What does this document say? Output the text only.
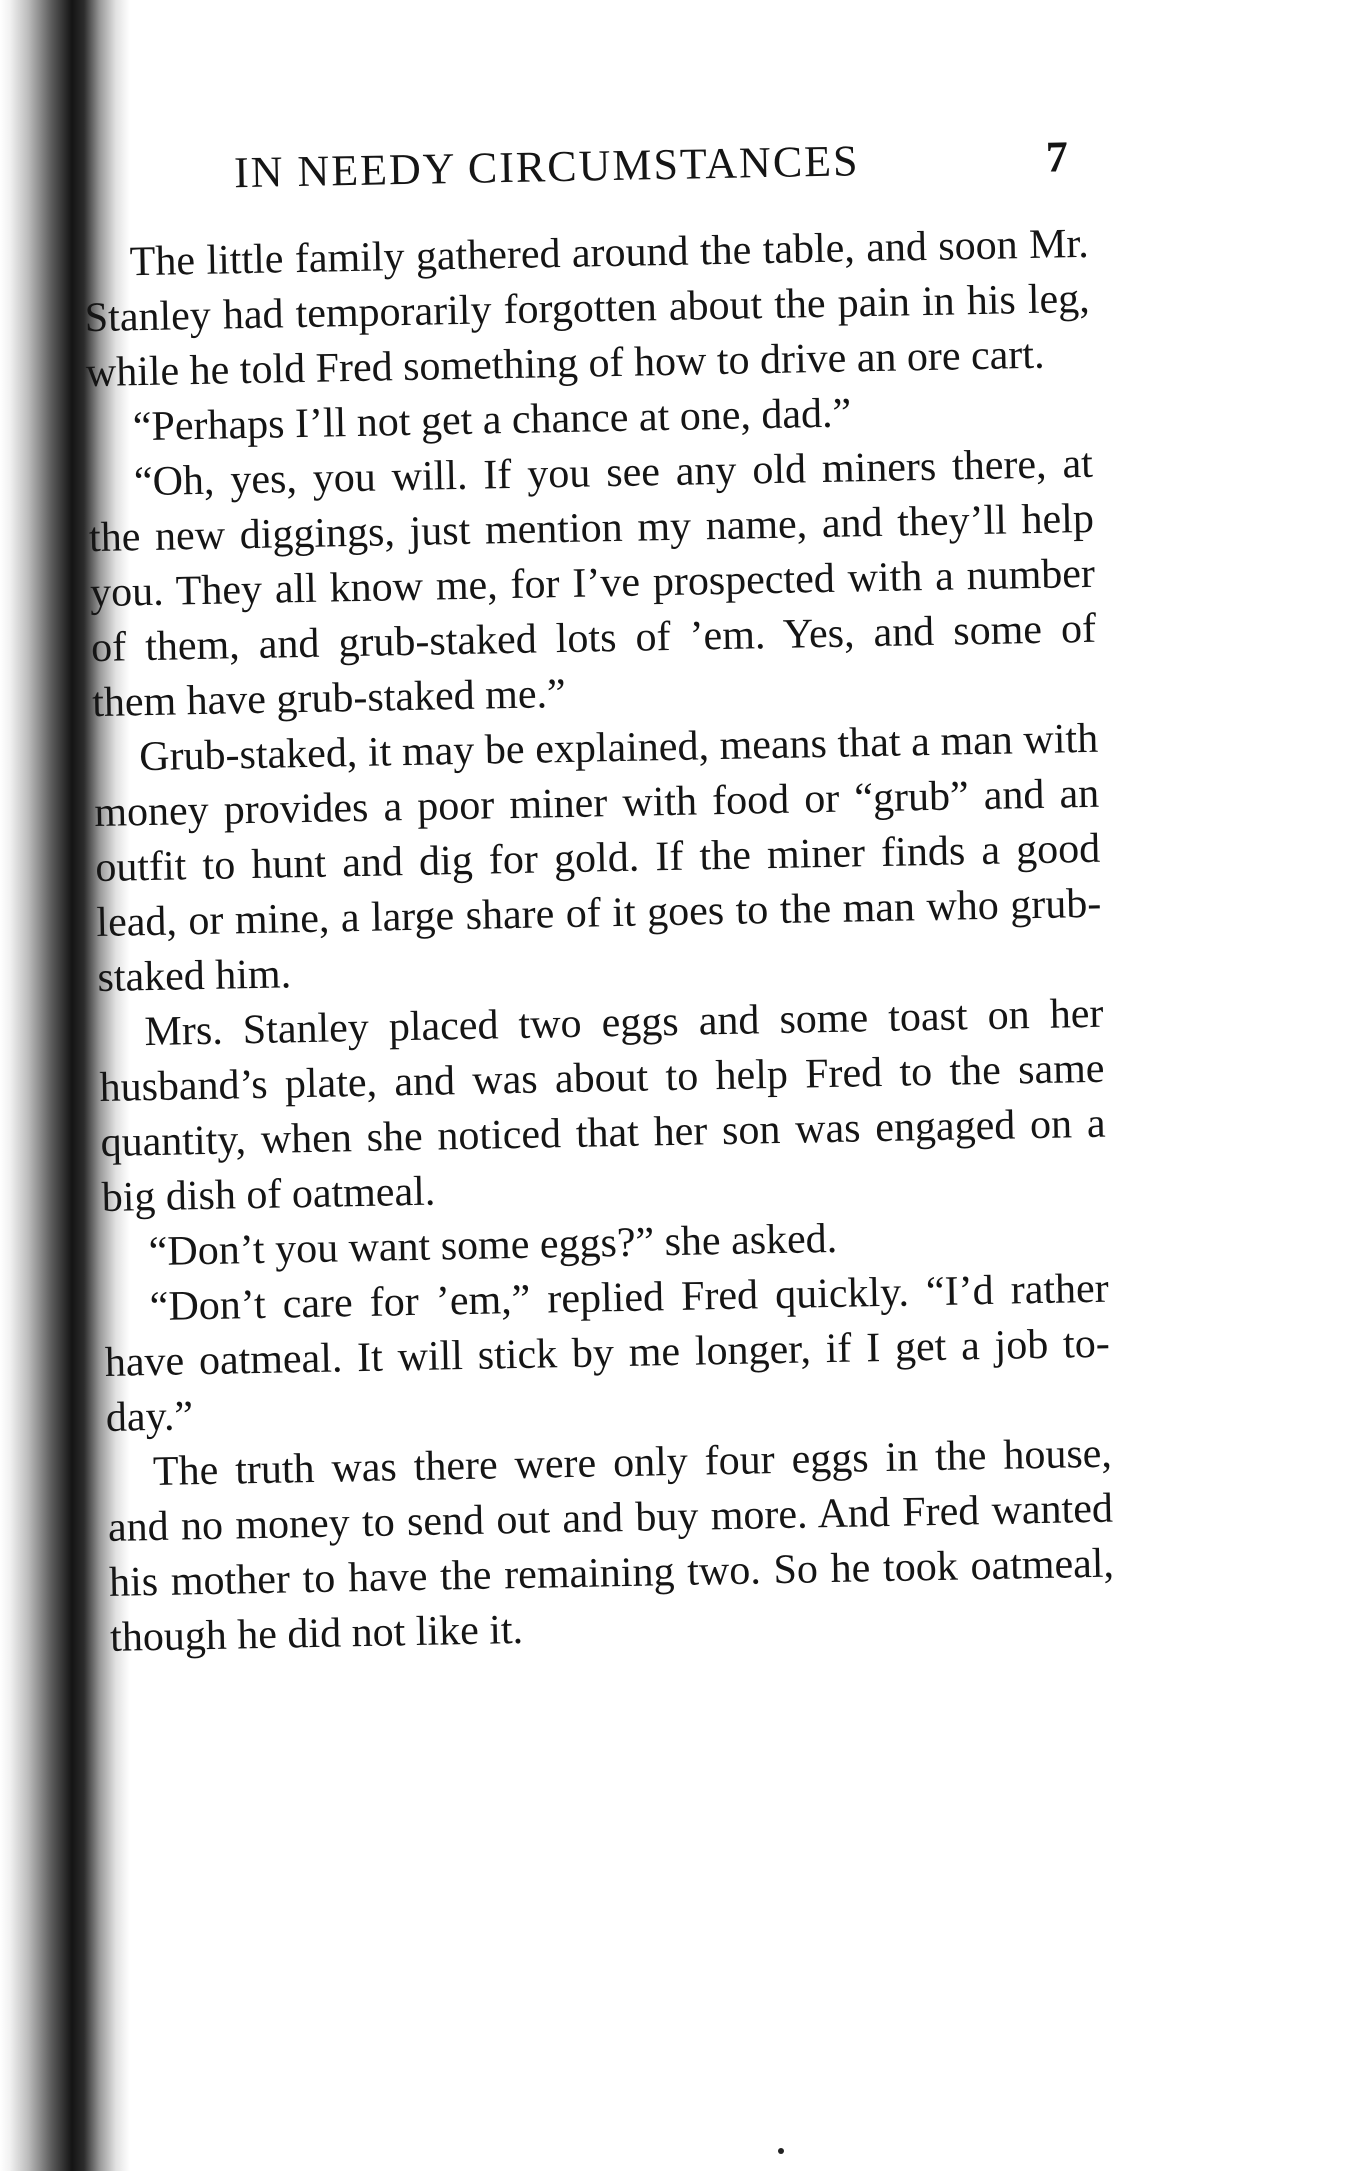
IN NEEDY CIRCUMSTANCES	7

The little family gathered around the table, and soon Mr. Stanley had temporarily forgotten about the pain in his leg, while he told Fred something of how to drive an ore cart.

“Perhaps I’ll not get a chance at one, dad.”

“Oh, yes, you will. If you see any old miners there, at the new diggings, just mention my name, and they’ll help you. They all know me, for I’ve prospected with a number of them, and grub-staked lots of ’em. Yes, and some of them have grub-staked me.”

Grub-staked, it may be explained, means that a man with money provides a poor miner with food or “grub” and an outfit to hunt and dig for gold. If the miner finds a good lead, or mine, a large share of it goes to the man who grub-staked him.

Mrs. Stanley placed two eggs and some toast on her husband’s plate, and was about to help Fred to the same quantity, when she noticed that her son was engaged on a big dish of oatmeal.

“Don’t you want some eggs?” she asked.

“Don’t care for ’em,” replied Fred quickly. “I’d rather have oatmeal. It will stick by me longer, if I get a job to-day.”

The truth was there were only four eggs in the house, and no money to send out and buy more. And Fred wanted his mother to have the remaining two. So he took oatmeal, though he did not like it.
